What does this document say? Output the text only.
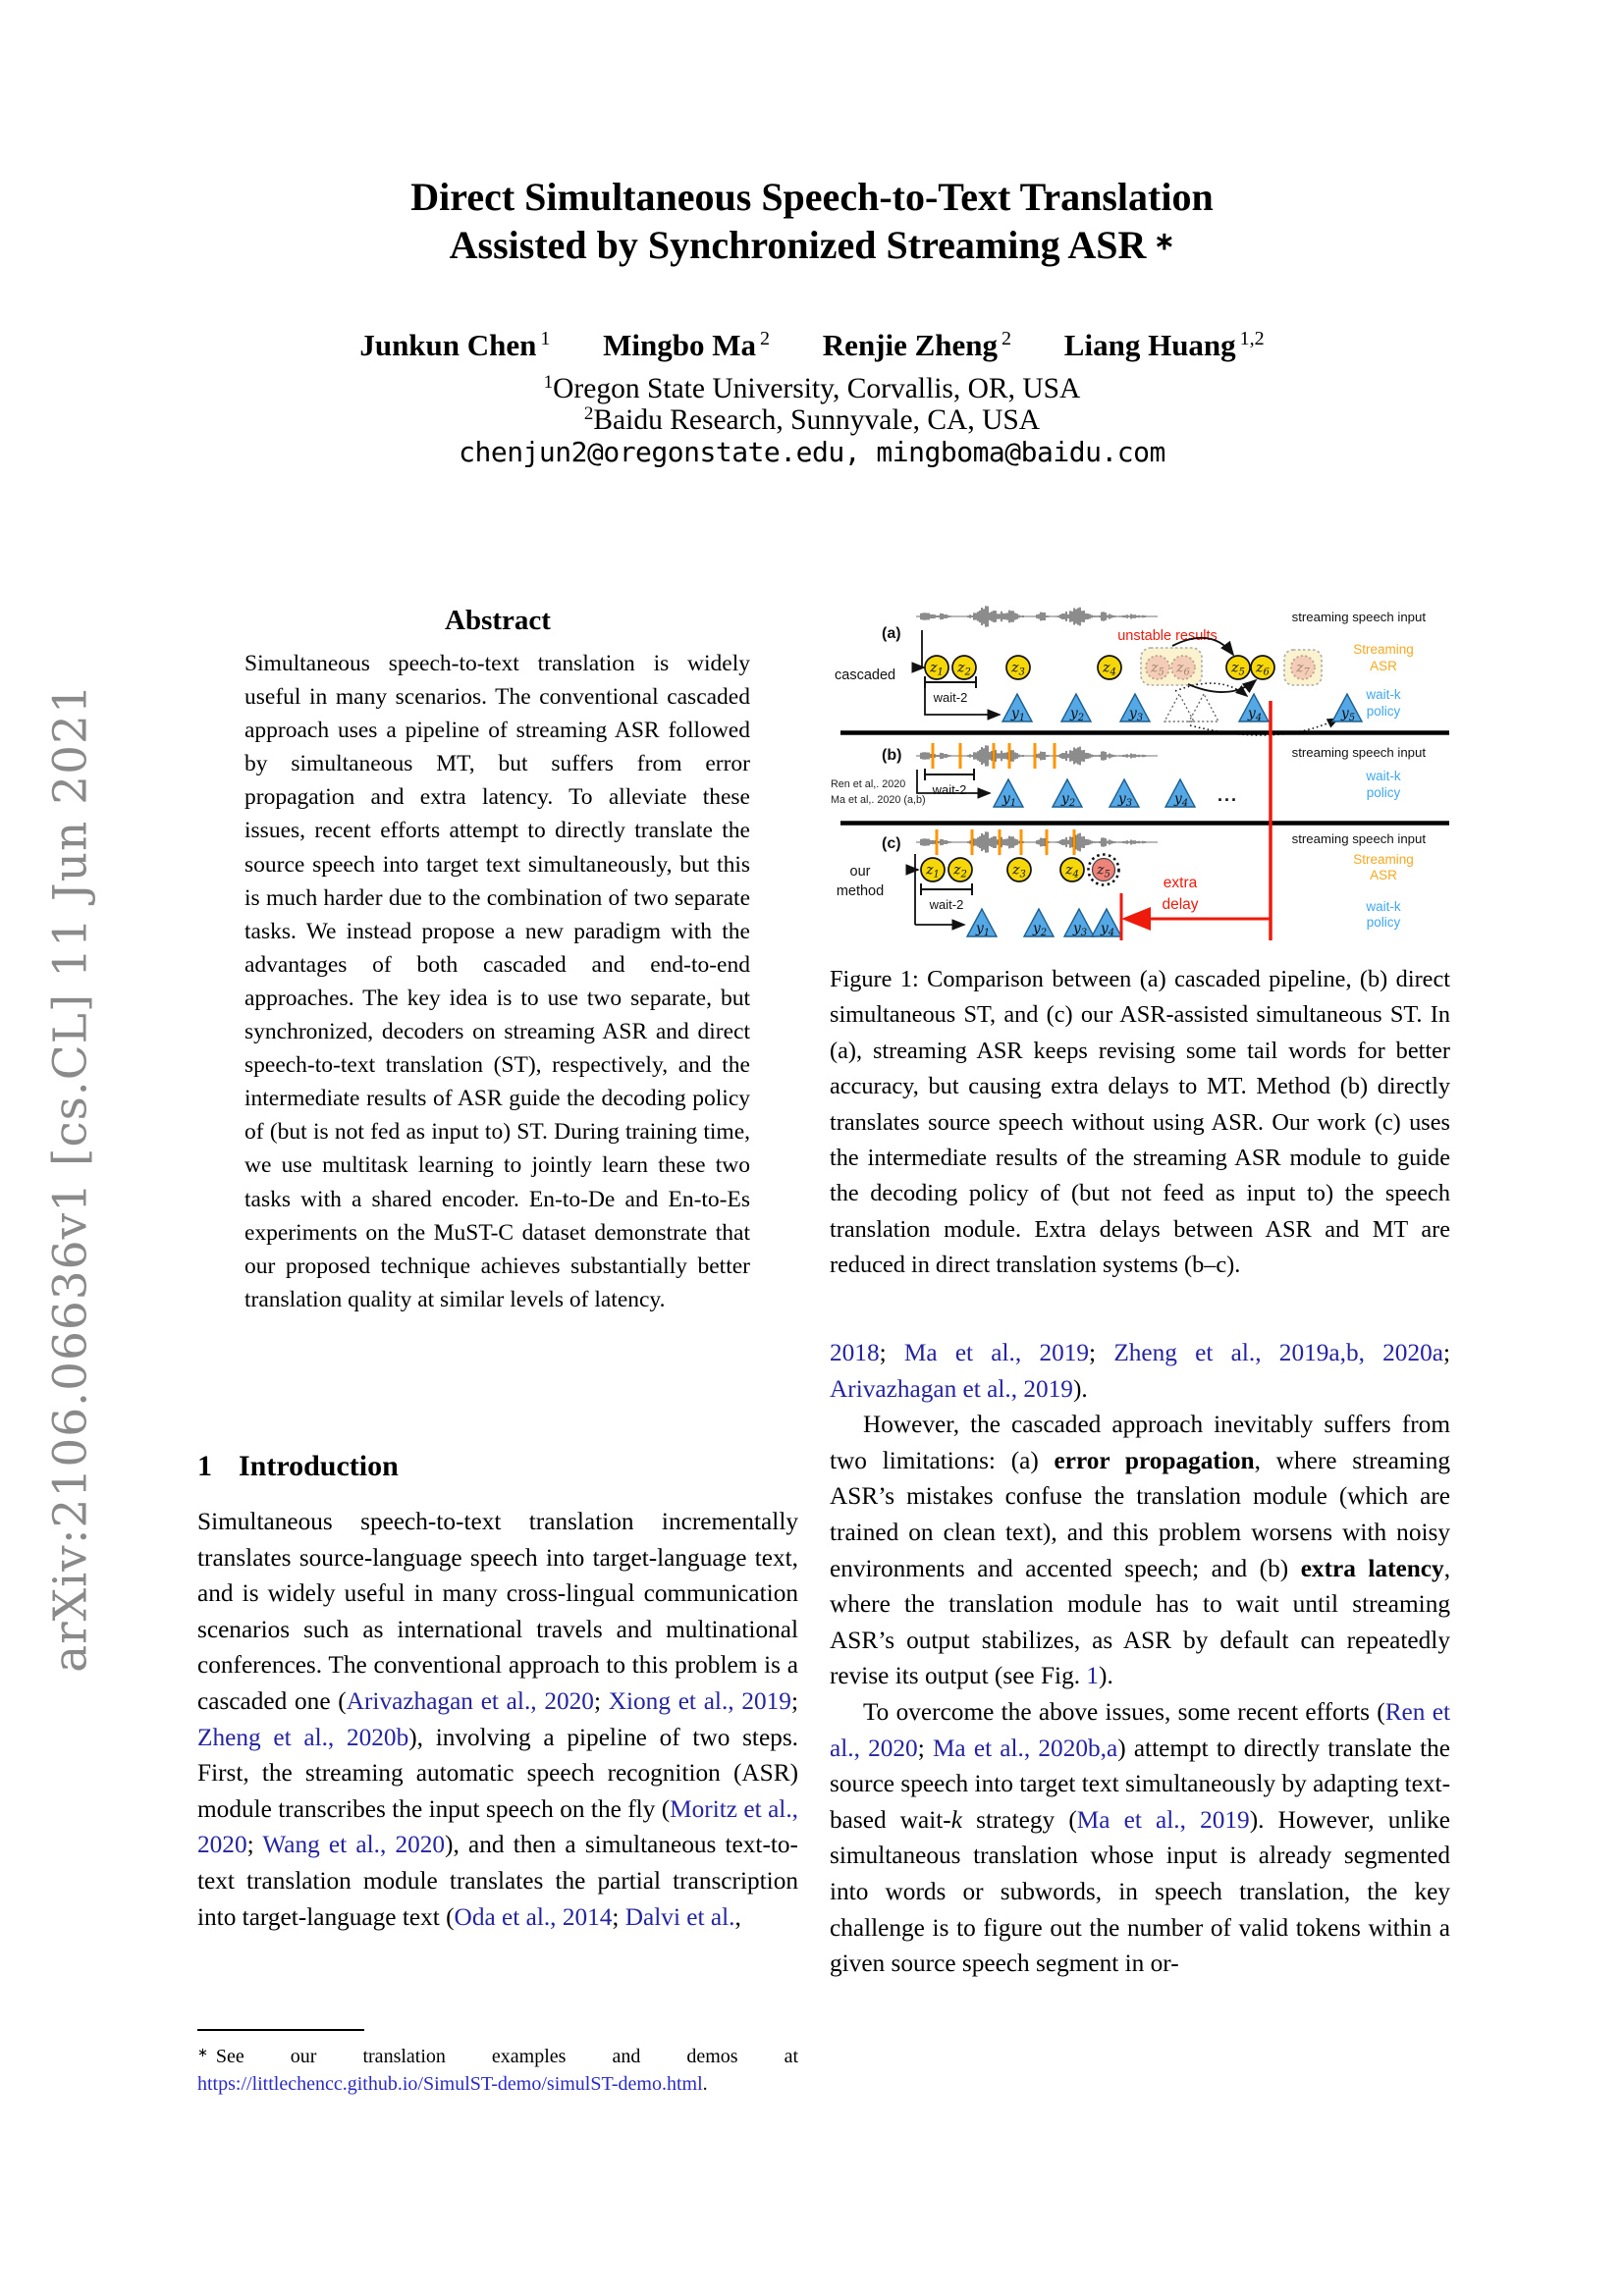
arXiv:2106.06636v1 [cs.CL] 11 Jun 2021
Direct Simultaneous Speech-to-Text Translation
Assisted by Synchronized Streaming ASR  ∗
Junkun Chen $^1$ Mingbo Ma $^2$ Renjie Zheng $^2$ Liang Huang $^{1,2}$
$^1$Oregon State University, Corvallis, OR, USA
$^2$Baidu Research, Sunnyvale, CA, USA
chenjun2@oregonstate.edu, mingboma@baidu.com
Abstract
Simultaneous speech-to-text translation is widely useful in many scenarios. The conventional cascaded approach uses a pipeline of streaming ASR followed by simultaneous MT, but suffers from error propagation and extra latency. To alleviate these issues, recent efforts attempt to directly translate the source speech into target text simultaneously, but this is much harder due to the combination of two separate tasks. We instead propose a new paradigm with the advantages of both cascaded and end-to-end approaches. The key idea is to use two separate, but synchronized, decoders on streaming ASR and direct speech-to-text translation (ST), respectively, and the intermediate results of ASR guide the decoding policy of (but is not fed as input to) ST. During training time, we use multitask learning to jointly learn these two tasks with a shared encoder. En-to-De and En-to-Es experiments on the MuST-C dataset demonstrate that our proposed technique achieves substantially better translation quality at similar levels of latency.
1 Introduction
Simultaneous speech-to-text translation incrementally translates source-language speech into target-language text, and is widely useful in many cross-lingual communication scenarios such as international travels and multinational conferences. The conventional approach to this problem is a cascaded one (Arivazhagan et al., 2020; Xiong et al., 2019; Zheng et al., 2020b), involving a pipeline of two steps. First, the streaming automatic speech recognition (ASR) module transcribes the input speech on the fly (Moritz et al., 2020; Wang et al., 2020), and then a simultaneous text-to-text translation module translates the partial transcription into target-language text (Oda et al., 2014; Dalvi et al.,
∗ See our translation examples and demos at https://littlechencc.github.io/SimulST-demo/simulST-demo.html.
(a)
streaming speech input
unstable results
cascaded
wait-2
$z_1$ $z_2$	$z_3$	$z_4$	$z_5$ $z_6$	$z_5$ $z_6$ $z_7$
$y_1$	$y_2$	$y_3$	$y_4$	$y_5$
Streaming
ASR
wait-k
policy
(b)	streaming speech input
Ren et al,. 2020
Ma et al,. 2020 (a,b)
wait-2
$y_1$	$y_2$	$y_3$	$y_4$ ...
wait-k
policy
(c)	streaming speech input
our
method
wait-2
$z_1$ $z_2$	$z_3$	$z_4$ $z_5$
$y_1$	$y_2$ $y_3$ $y_4$
extra
delay
Streaming
ASR
wait-k
policy
Figure 1: Comparison between (a) cascaded pipeline, (b) direct simultaneous ST, and (c) our ASR-assisted simultaneous ST. In (a), streaming ASR keeps revising some tail words for better accuracy, but causing extra delays to MT. Method (b) directly translates source speech without using ASR. Our work (c) uses the intermediate results of the streaming ASR module to guide the decoding policy of (but not feed as input to) the speech translation module. Extra delays between ASR and MT are reduced in direct translation systems (b–c).
2018; Ma et al., 2019; Zheng et al., 2019a,b, 2020a; Arivazhagan et al., 2019).
However, the cascaded approach inevitably suffers from two limitations: (a) error propagation, where streaming ASR’s mistakes confuse the translation module (which are trained on clean text), and this problem worsens with noisy environments and accented speech; and (b) extra latency, where the translation module has to wait until streaming ASR’s output stabilizes, as ASR by default can repeatedly revise its output (see Fig. 1).
To overcome the above issues, some recent efforts (Ren et al., 2020; Ma et al., 2020b,a) attempt to directly translate the source speech into target text simultaneously by adapting text-based wait-k strategy (Ma et al., 2019). However, unlike simultaneous translation whose input is already segmented into words or subwords, in speech translation, the key challenge is to figure out the number of valid tokens within a given source speech segment in or-
